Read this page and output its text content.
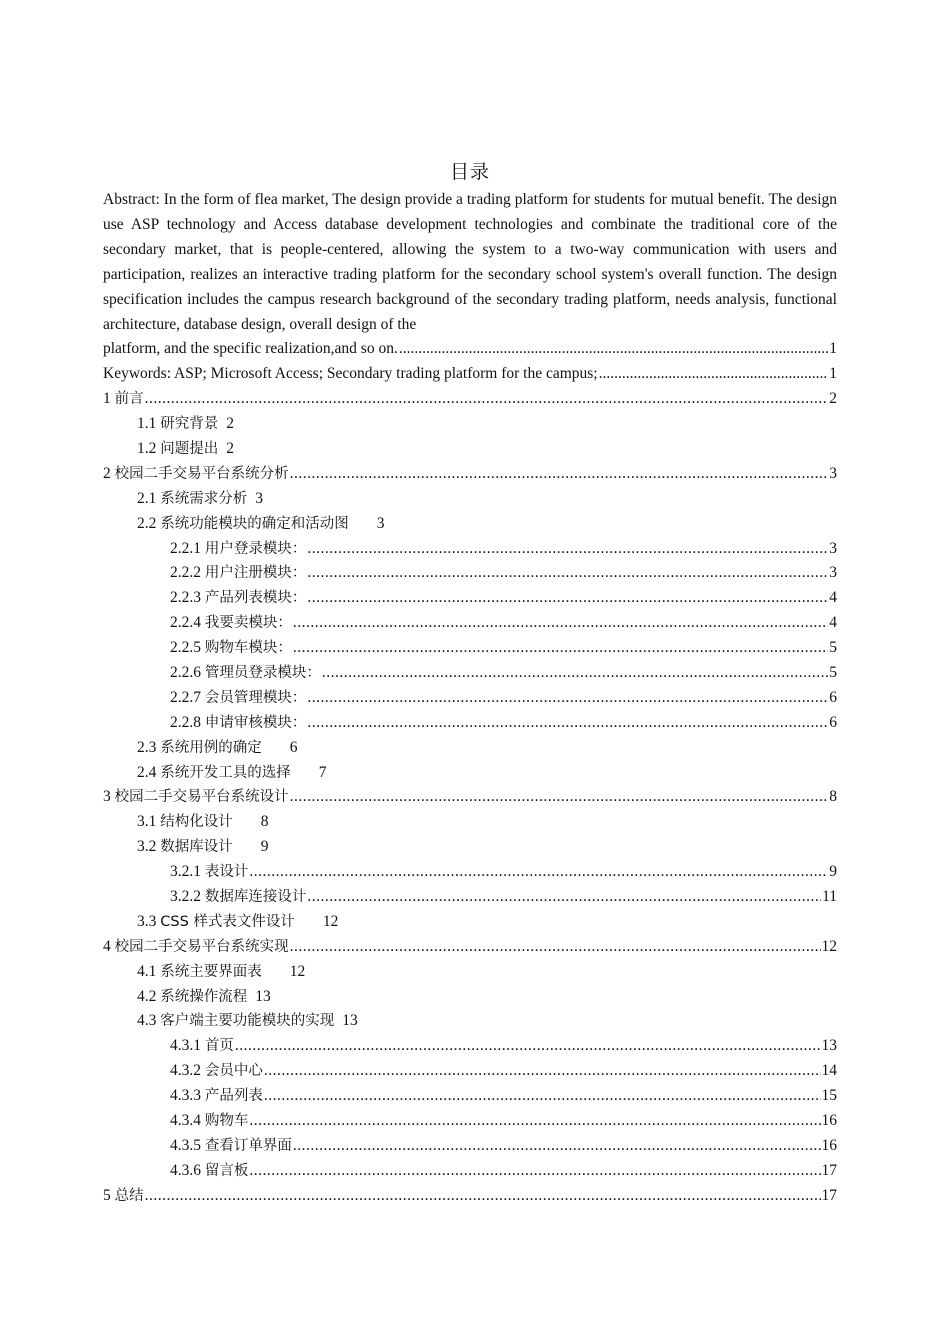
目录
Abstract: In the form of flea market, The design provide a trading platform for students for mutual benefit. The design use ASP technology and Access database development technologies and combinate the traditional core of the secondary market, that is people-centered, allowing the system to a two-way communication with users and participation, realizes an interactive trading platform for the secondary school system's overall function. The design specification includes the campus research background of the secondary trading platform, needs analysis, functional architecture, database design, overall design of the
platform, and the specific realization,and so on. .....	1
Keywords: ASP; Microsoft Access; Secondary trading platform for the campus; .....	1
1 前言 .....	2
1.1 研究背景 2
1.2 问题提出 2
2 校园二手交易平台系统分析 .....	3
2.1 系统需求分析 3
2.2 系统功能模块的确定和活动图 3
2.2.1 用户登录模块： .....	3
2.2.2 用户注册模块： .....	3
2.2.3 产品列表模块： .....	4
2.2.4 我要卖模块： .....	4
2.2.5 购物车模块： .....	5
2.2.6 管理员登录模块： .....	5
2.2.7 会员管理模块： .....	6
2.2.8 申请审核模块： .....	6
2.3 系统用例的确定 6
2.4 系统开发工具的选择 7
3 校园二手交易平台系统设计 .....	8
3.1 结构化设计 8
3.2 数据库设计 9
3.2.1 表设计 .....	9
3.2.2 数据库连接设计 .....	11
3.3 CSS 样式表文件设计 12
4 校园二手交易平台系统实现 .....	12
4.1 系统主要界面表 12
4.2 系统操作流程 13
4.3 客户端主要功能模块的实现 13
4.3.1 首页 .....	13
4.3.2 会员中心 .....	14
4.3.3 产品列表 .....	15
4.3.4 购物车 .....	16
4.3.5 查看订单界面 .....	16
4.3.6 留言板 .....	17
5 总结 .....	17
